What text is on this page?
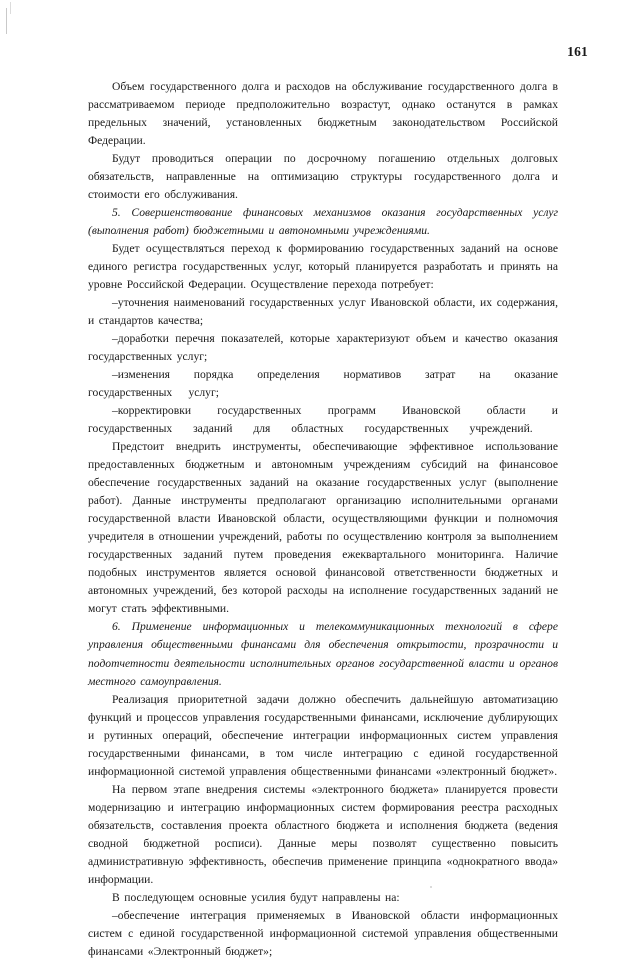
161

Объем государственного долга и расходов на обслуживание государственного долга в рассматриваемом периоде предположительно возрастут, однако останутся в рамках предельных значений, установленных бюджетным законодательством Российской Федерации.

Будут проводиться операции по досрочному погашению отдельных долговых обязательств, направленные на оптимизацию структуры государственного долга и стоимости его обслуживания.

5. Совершенствование финансовых механизмов оказания государственных услуг (выполнения работ) бюджетными и автономными учреждениями.

Будет осуществляться переход к формированию государственных заданий на основе единого регистра государственных услуг, который планируется разработать и принять на уровне Российской Федерации. Осуществление перехода потребует:

–уточнения наименований государственных услуг Ивановской области, их содержания, и стандартов качества;

–доработки перечня показателей, которые характеризуют объем и качество оказания государственных услуг;

–изменения порядка определения нормативов затрат на оказание государственных услуг;

–корректировки государственных программ Ивановской области и государственных заданий для областных государственных учреждений.

Предстоит внедрить инструменты, обеспечивающие эффективное использование предоставленных бюджетным и автономным учреждениям субсидий на финансовое обеспечение государственных заданий на оказание государственных услуг (выполнение работ). Данные инструменты предполагают организацию исполнительными органами государственной власти Ивановской области, осуществляющими функции и полномочия учредителя в отношении учреждений, работы по осуществлению контроля за выполнением государственных заданий путем проведения ежеквартального мониторинга. Наличие подобных инструментов является основой финансовой ответственности бюджетных и автономных учреждений, без которой расходы на исполнение государственных заданий не могут стать эффективными.

6. Применение информационных и телекоммуникационных технологий в сфере управления общественными финансами для обеспечения открытости, прозрачности и подотчетности деятельности исполнительных органов государственной власти и органов местного самоуправления.

Реализация приоритетной задачи должно обеспечить дальнейшую автоматизацию функций и процессов управления государственными финансами, исключение дублирующих и рутинных операций, обеспечение интеграции информационных систем управления государственными финансами, в том числе интеграцию с единой государственной информационной системой управления общественными финансами «электронный бюджет».

На первом этапе внедрения системы «электронного бюджета» планируется провести модернизацию и интеграцию информационных систем формирования реестра расходных обязательств, составления проекта областного бюджета и исполнения бюджета (ведения сводной бюджетной росписи). Данные меры позволят существенно повысить административную эффективность, обеспечив применение принципа «однократного ввода» информации.

В последующем основные усилия будут направлены на:

–обеспечение интеграция применяемых в Ивановской области информационных систем с единой государственной информационной системой управления общественными финансами «Электронный бюджет»;
